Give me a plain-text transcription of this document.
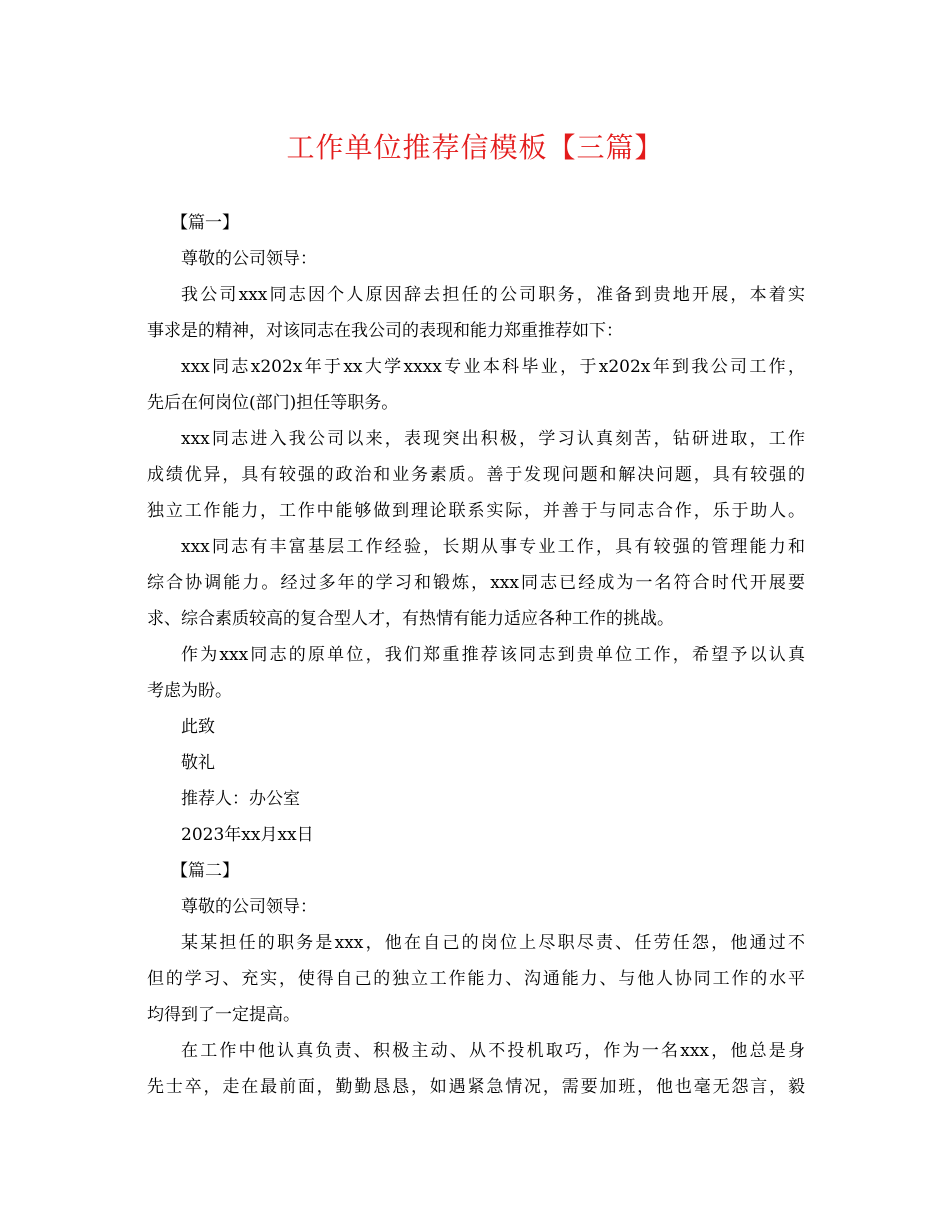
工作单位推荐信模板【三篇】
【篇一】
尊敬的公司领导：
我公司xxx同志因个人原因辞去担任的公司职务，准备到贵地开展，本着实
事求是的精神，对该同志在我公司的表现和能力郑重推荐如下：
xxx同志x202x年于xx大学xxxx专业本科毕业，于x202x年到我公司工作，
先后在何岗位(部门)担任等职务。
xxx同志进入我公司以来，表现突出积极，学习认真刻苦，钻研进取，工作
成绩优异，具有较强的政治和业务素质。善于发现问题和解决问题，具有较强的
独立工作能力，工作中能够做到理论联系实际，并善于与同志合作，乐于助人。
xxx同志有丰富基层工作经验，长期从事专业工作，具有较强的管理能力和
综合协调能力。经过多年的学习和锻炼，xxx同志已经成为一名符合时代开展要
求、综合素质较高的复合型人才，有热情有能力适应各种工作的挑战。
作为xxx同志的原单位，我们郑重推荐该同志到贵单位工作，希望予以认真
考虑为盼。
此致
敬礼
推荐人：办公室
2023年xx月xx日
【篇二】
尊敬的公司领导：
某某担任的职务是xxx，他在自己的岗位上尽职尽责、任劳任怨，他通过不
但的学习、充实，使得自己的独立工作能力、沟通能力、与他人协同工作的水平
均得到了一定提高。
在工作中他认真负责、积极主动、从不投机取巧，作为一名xxx，他总是身
先士卒，走在最前面，勤勤恳恳，如遇紧急情况，需要加班，他也毫无怨言，毅
